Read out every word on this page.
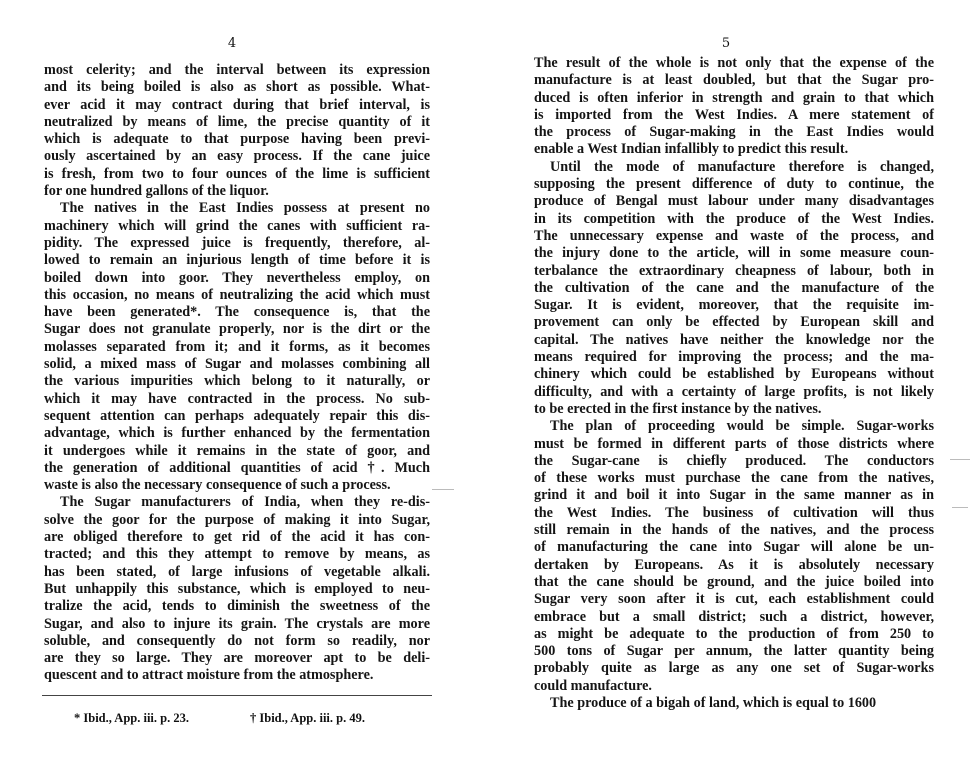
4
most celerity; and the interval between its expression
and its being boiled is also as short as possible. What-
ever acid it may contract during that brief interval, is
neutralized by means of lime, the precise quantity of it
which is adequate to that purpose having been previ-
ously ascertained by an easy process. If the cane juice
is fresh, from two to four ounces of the lime is sufficient
for one hundred gallons of the liquor.
The natives in the East Indies possess at present no
machinery which will grind the canes with sufficient ra-
pidity. The expressed juice is frequently, therefore, al-
lowed to remain an injurious length of time before it is
boiled down into goor. They nevertheless employ, on
this occasion, no means of neutralizing the acid which must
have been generated*. The consequence is, that the
Sugar does not granulate properly, nor is the dirt or the
molasses separated from it; and it forms, as it becomes
solid, a mixed mass of Sugar and molasses combining all
the various impurities which belong to it naturally, or
which it may have contracted in the process. No sub-
sequent attention can perhaps adequately repair this dis-
advantage, which is further enhanced by the fermentation
it undergoes while it remains in the state of goor, and
the generation of additional quantities of acid †. Much
waste is also the necessary consequence of such a process.
The Sugar manufacturers of India, when they re-dis-
solve the goor for the purpose of making it into Sugar,
are obliged therefore to get rid of the acid it has con-
tracted; and this they attempt to remove by means, as
has been stated, of large infusions of vegetable alkali.
But unhappily this substance, which is employed to neu-
tralize the acid, tends to diminish the sweetness of the
Sugar, and also to injure its grain. The crystals are more
soluble, and consequently do not form so readily, nor
are they so large. They are moreover apt to be deli-
quescent and to attract moisture from the atmosphere.
* Ibid., App. iii. p. 23.	† Ibid., App. iii. p. 49.
5
The result of the whole is not only that the expense of the
manufacture is at least doubled, but that the Sugar pro-
duced is often inferior in strength and grain to that which
is imported from the West Indies. A mere statement of
the process of Sugar-making in the East Indies would
enable a West Indian infallibly to predict this result.
Until the mode of manufacture therefore is changed,
supposing the present difference of duty to continue, the
produce of Bengal must labour under many disadvantages
in its competition with the produce of the West Indies.
The unnecessary expense and waste of the process, and
the injury done to the article, will in some measure coun-
terbalance the extraordinary cheapness of labour, both in
the cultivation of the cane and the manufacture of the
Sugar. It is evident, moreover, that the requisite im-
provement can only be effected by European skill and
capital. The natives have neither the knowledge nor the
means required for improving the process; and the ma-
chinery which could be established by Europeans without
difficulty, and with a certainty of large profits, is not likely
to be erected in the first instance by the natives.
The plan of proceeding would be simple. Sugar-works
must be formed in different parts of those districts where
the Sugar-cane is chiefly produced. The conductors
of these works must purchase the cane from the natives,
grind it and boil it into Sugar in the same manner as in
the West Indies. The business of cultivation will thus
still remain in the hands of the natives, and the process
of manufacturing the cane into Sugar will alone be un-
dertaken by Europeans. As it is absolutely necessary
that the cane should be ground, and the juice boiled into
Sugar very soon after it is cut, each establishment could
embrace but a small district; such a district, however,
as might be adequate to the production of from 250 to
500 tons of Sugar per annum, the latter quantity being
probably quite as large as any one set of Sugar-works
could manufacture.
The produce of a bigah of land, which is equal to 1600
